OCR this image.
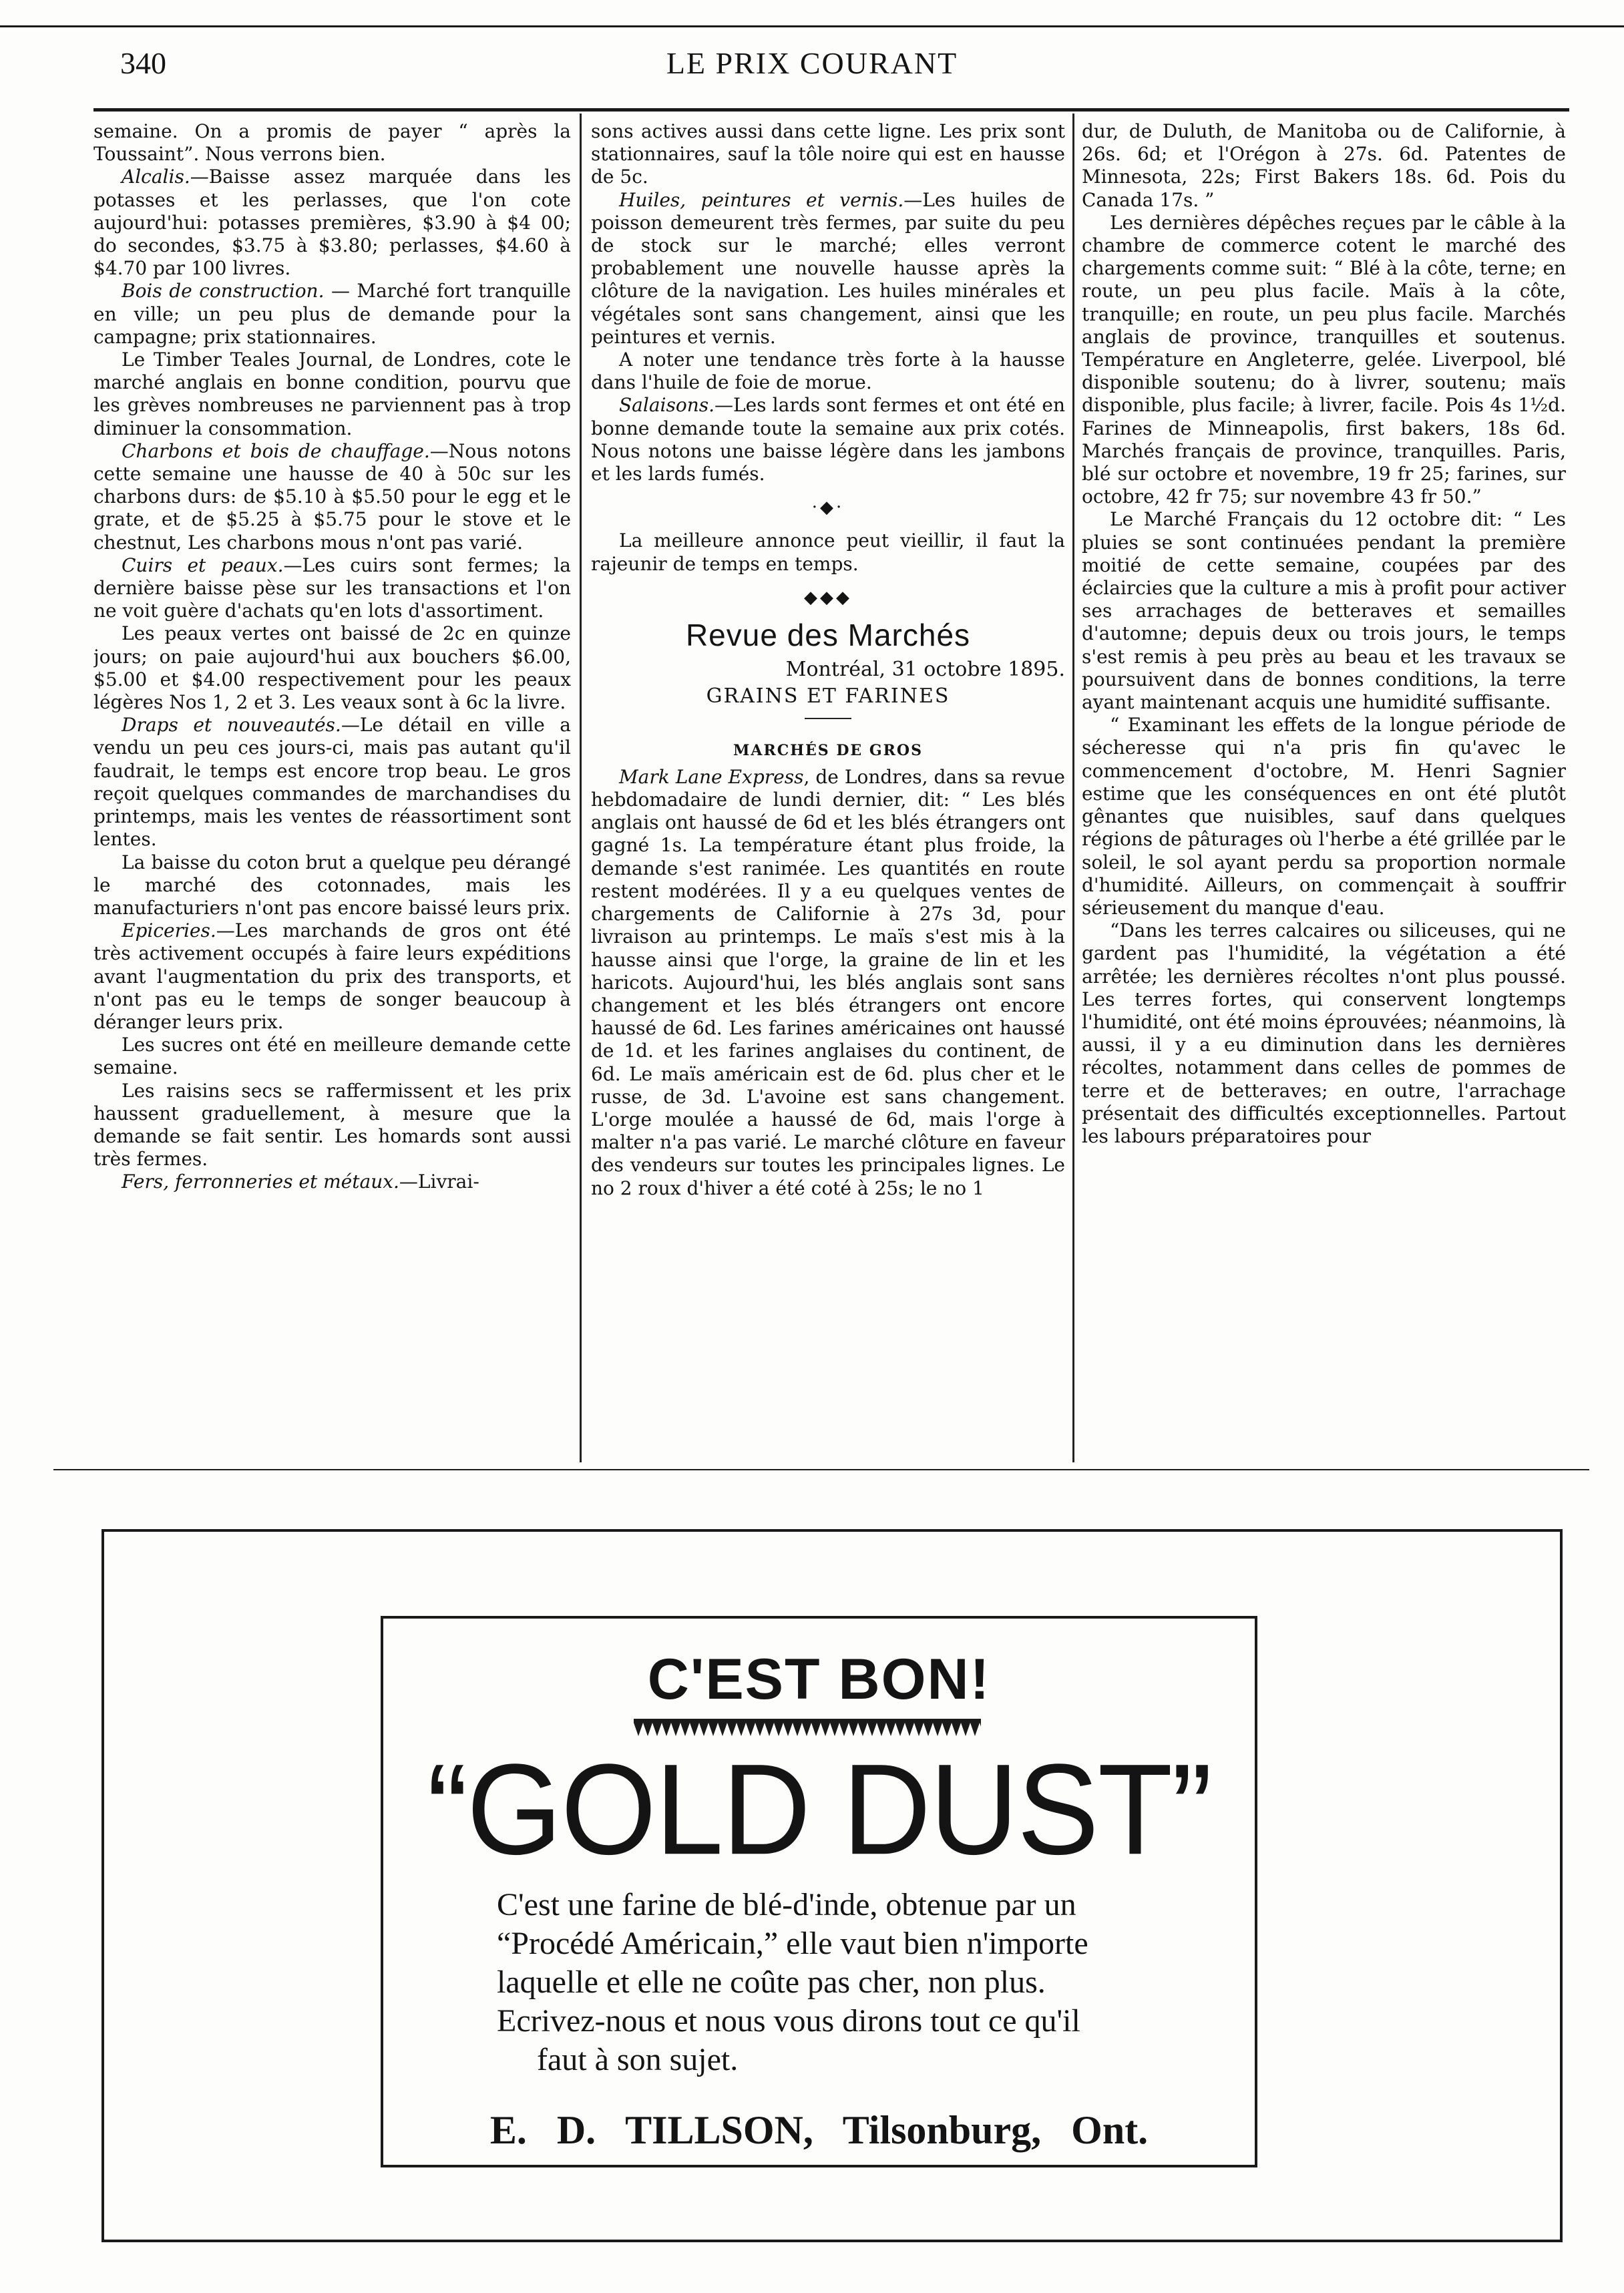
340	LE PRIX COURANT

semaine. On a promis de payer “ après la Toussaint”. Nous verrons bien.

Alcalis.—Baisse assez marquée dans les potasses et les perlasses, que l'on cote aujourd'hui: potasses premières, $3.90 à $4 00; do secondes, $3.75 à $3.80; perlasses, $4.60 à $4.70 par 100 livres.

Bois de construction. — Marché fort tranquille en ville; un peu plus de demande pour la campagne; prix stationnaires.

Le Timber Teales Journal, de Londres, cote le marché anglais en bonne condition, pourvu que les grèves nombreuses ne parviennent pas à trop diminuer la consommation.

Charbons et bois de chauffage.—Nous notons cette semaine une hausse de 40 à 50c sur les charbons durs: de $5.10 à $5.50 pour le egg et le grate, et de $5.25 à $5.75 pour le stove et le chestnut, Les charbons mous n'ont pas varié.

Cuirs et peaux.—Les cuirs sont fermes; la dernière baisse pèse sur les transactions et l'on ne voit guère d'achats qu'en lots d'assortiment.

Les peaux vertes ont baissé de 2c en quinze jours; on paie aujourd'hui aux bouchers $6.00, $5.00 et $4.00 respectivement pour les peaux légères Nos 1, 2 et 3. Les veaux sont à 6c la livre.

Draps et nouveautés.—Le détail en ville a vendu un peu ces jours-ci, mais pas autant qu'il faudrait, le temps est encore trop beau. Le gros reçoit quelques commandes de marchandises du printemps, mais les ventes de réassortiment sont lentes.

La baisse du coton brut a quelque peu dérangé le marché des cotonnades, mais les manufacturiers n'ont pas encore baissé leurs prix.

Epiceries.—Les marchands de gros ont été très activement occupés à faire leurs expéditions avant l'augmentation du prix des transports, et n'ont pas eu le temps de songer beaucoup à déranger leurs prix.

Les sucres ont été en meilleure demande cette semaine.

Les raisins secs se raffermissent et les prix haussent graduellement, à mesure que la demande se fait sentir. Les homards sont aussi très fermes.

Fers, ferronneries et métaux.—Livrai-

sons actives aussi dans cette ligne. Les prix sont stationnaires, sauf la tôle noire qui est en hausse de 5c.

Huiles, peintures et vernis.—Les huiles de poisson demeurent très fermes, par suite du peu de stock sur le marché; elles verront probablement une nouvelle hausse après la clôture de la navigation. Les huiles minérales et végétales sont sans changement, ainsi que les peintures et vernis.

A noter une tendance très forte à la hausse dans l'huile de foie de morue.

Salaisons.—Les lards sont fermes et ont été en bonne demande toute la semaine aux prix cotés. Nous notons une baisse légère dans les jambons et les lards fumés.

·◆·

La meilleure annonce peut vieillir, il faut la rajeunir de temps en temps.

◆◆◆
Revue des Marchés
Montréal, 31 octobre 1895.
GRAINS ET FARINES
MARCHÉS DE GROS

Mark Lane Express, de Londres, dans sa revue hebdomadaire de lundi dernier, dit: “ Les blés anglais ont haussé de 6d et les blés étrangers ont gagné 1s. La température étant plus froide, la demande s'est ranimée. Les quantités en route restent modérées. Il y a eu quelques ventes de chargements de Californie à 27s 3d, pour livraison au printemps. Le maïs s'est mis à la hausse ainsi que l'orge, la graine de lin et les haricots. Aujourd'hui, les blés anglais sont sans changement et les blés étrangers ont encore haussé de 6d. Les farines américaines ont haussé de 1d. et les farines anglaises du continent, de 6d. Le maïs américain est de 6d. plus cher et le russe, de 3d. L'avoine est sans changement. L'orge moulée a haussé de 6d, mais l'orge à malter n'a pas varié. Le marché clôture en faveur des vendeurs sur toutes les principales lignes. Le no 2 roux d'hiver a été coté à 25s; le no 1

dur, de Duluth, de Manitoba ou de Californie, à 26s. 6d; et l'Orégon à 27s. 6d. Patentes de Minnesota, 22s; First Bakers 18s. 6d. Pois du Canada 17s. ”

Les dernières dépêches reçues par le câble à la chambre de commerce cotent le marché des chargements comme suit: “ Blé à la côte, terne; en route, un peu plus facile. Maïs à la côte, tranquille; en route, un peu plus facile. Marchés anglais de province, tranquilles et soutenus. Température en Angleterre, gelée. Liverpool, blé disponible soutenu; do à livrer, soutenu; maïs disponible, plus facile; à livrer, facile. Pois 4s 1½d. Farines de Minneapolis, first bakers, 18s 6d. Marchés français de province, tranquilles. Paris, blé sur octobre et novembre, 19 fr 25; farines, sur octobre, 42 fr 75; sur novembre 43 fr 50.”

Le Marché Français du 12 octobre dit: “ Les pluies se sont continuées pendant la première moitié de cette semaine, coupées par des éclaircies que la culture a mis à profit pour activer ses arrachages de betteraves et semailles d'automne; depuis deux ou trois jours, le temps s'est remis à peu près au beau et les travaux se poursuivent dans de bonnes conditions, la terre ayant maintenant acquis une humidité suffisante.

“ Examinant les effets de la longue période de sécheresse qui n'a pris fin qu'avec le commencement d'octobre, M. Henri Sagnier estime que les conséquences en ont été plutôt gênantes que nuisibles, sauf dans quelques régions de pâturages où l'herbe a été grillée par le soleil, le sol ayant perdu sa proportion normale d'humidité. Ailleurs, on commençait à souffrir sérieusement du manque d'eau.

“Dans les terres calcaires ou siliceuses, qui ne gardent pas l'humidité, la végétation a été arrêtée; les dernières récoltes n'ont plus poussé. Les terres fortes, qui conservent longtemps l'humidité, ont été moins éprouvées; néanmoins, là aussi, il y a eu diminution dans les dernières récoltes, notamment dans celles de pommes de terre et de betteraves; en outre, l'arrachage présentait des difficultés exceptionnelles. Partout les labours préparatoires pour

C'EST BON!
“GOLD DUST”
C'est une farine de blé-d'inde, obtenue par un
“Procédé Américain,” elle vaut bien n'importe
laquelle et elle ne coûte pas cher, non plus.
Ecrivez-nous et nous vous dirons tout ce qu'il
faut à son sujet.
E. D. TILLSON, Tilsonburg, Ont.
